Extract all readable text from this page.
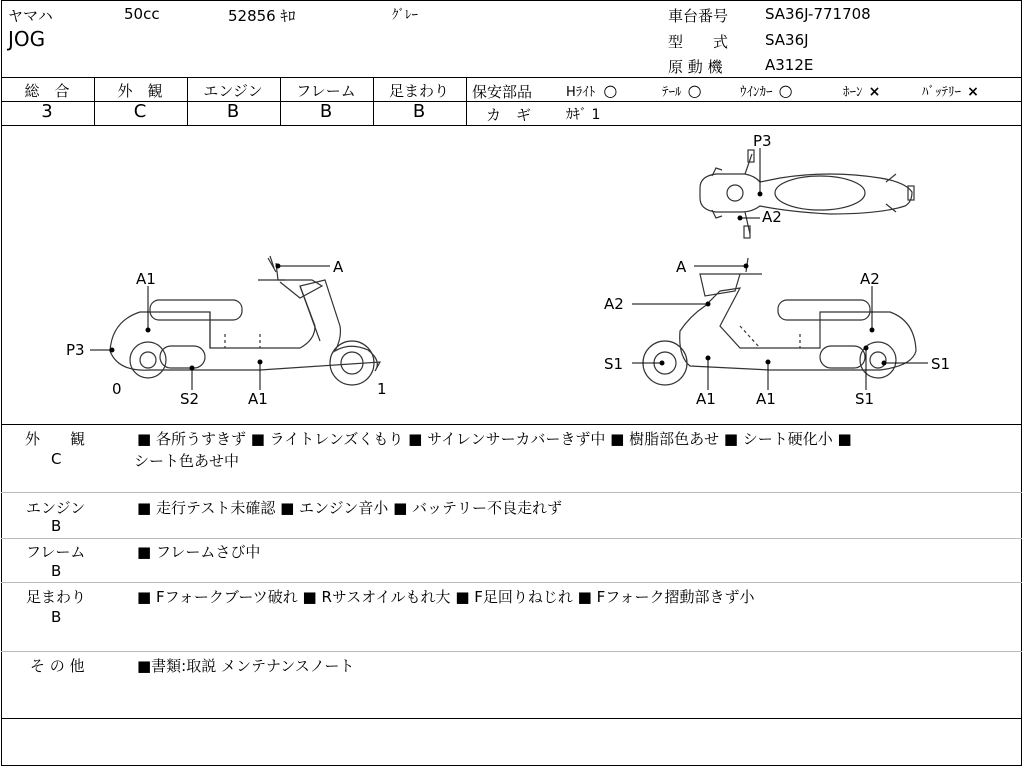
ヤマハ	50cc	52856 ｷﾛ	ｸﾞﾚｰ
JOG
車台番号 SA36J-771708
型　　式 SA36J
原 動 機	A312E
総　合
3
外　観
C
エンジン
B
フレーム
B
足まわり
B
保安部品	Hﾗｲﾄ ○	ﾃｰﾙ ○	ｳｲﾝｶｰ ○	ﾎｰﾝ ×	ﾊﾞｯﾃﾘｰ ×
カ　ギ ｶｷﾞ 1
P3
A2
A1
A
P3
0
S2	A1
1
A
A2
A2
S1	S1
A1	A1	S1
外　　観
C
■ 各所うすきず ■ ライトレンズくもり ■ サイレンサーカバーきず中 ■ 樹脂部色あせ ■ シート硬化小 ■
シート色あせ中
エンジン
B
■ 走行テスト未確認 ■ エンジン音小 ■ バッテリー不良走れず
フレーム
B
■ フレームさび中
足まわり
B
■ Fフォークブーツ破れ ■ Rサスオイルもれ大 ■ F足回りねじれ ■ Fフォーク摺動部きず小
そ の 他	■書類:取説 メンテナンスノート
